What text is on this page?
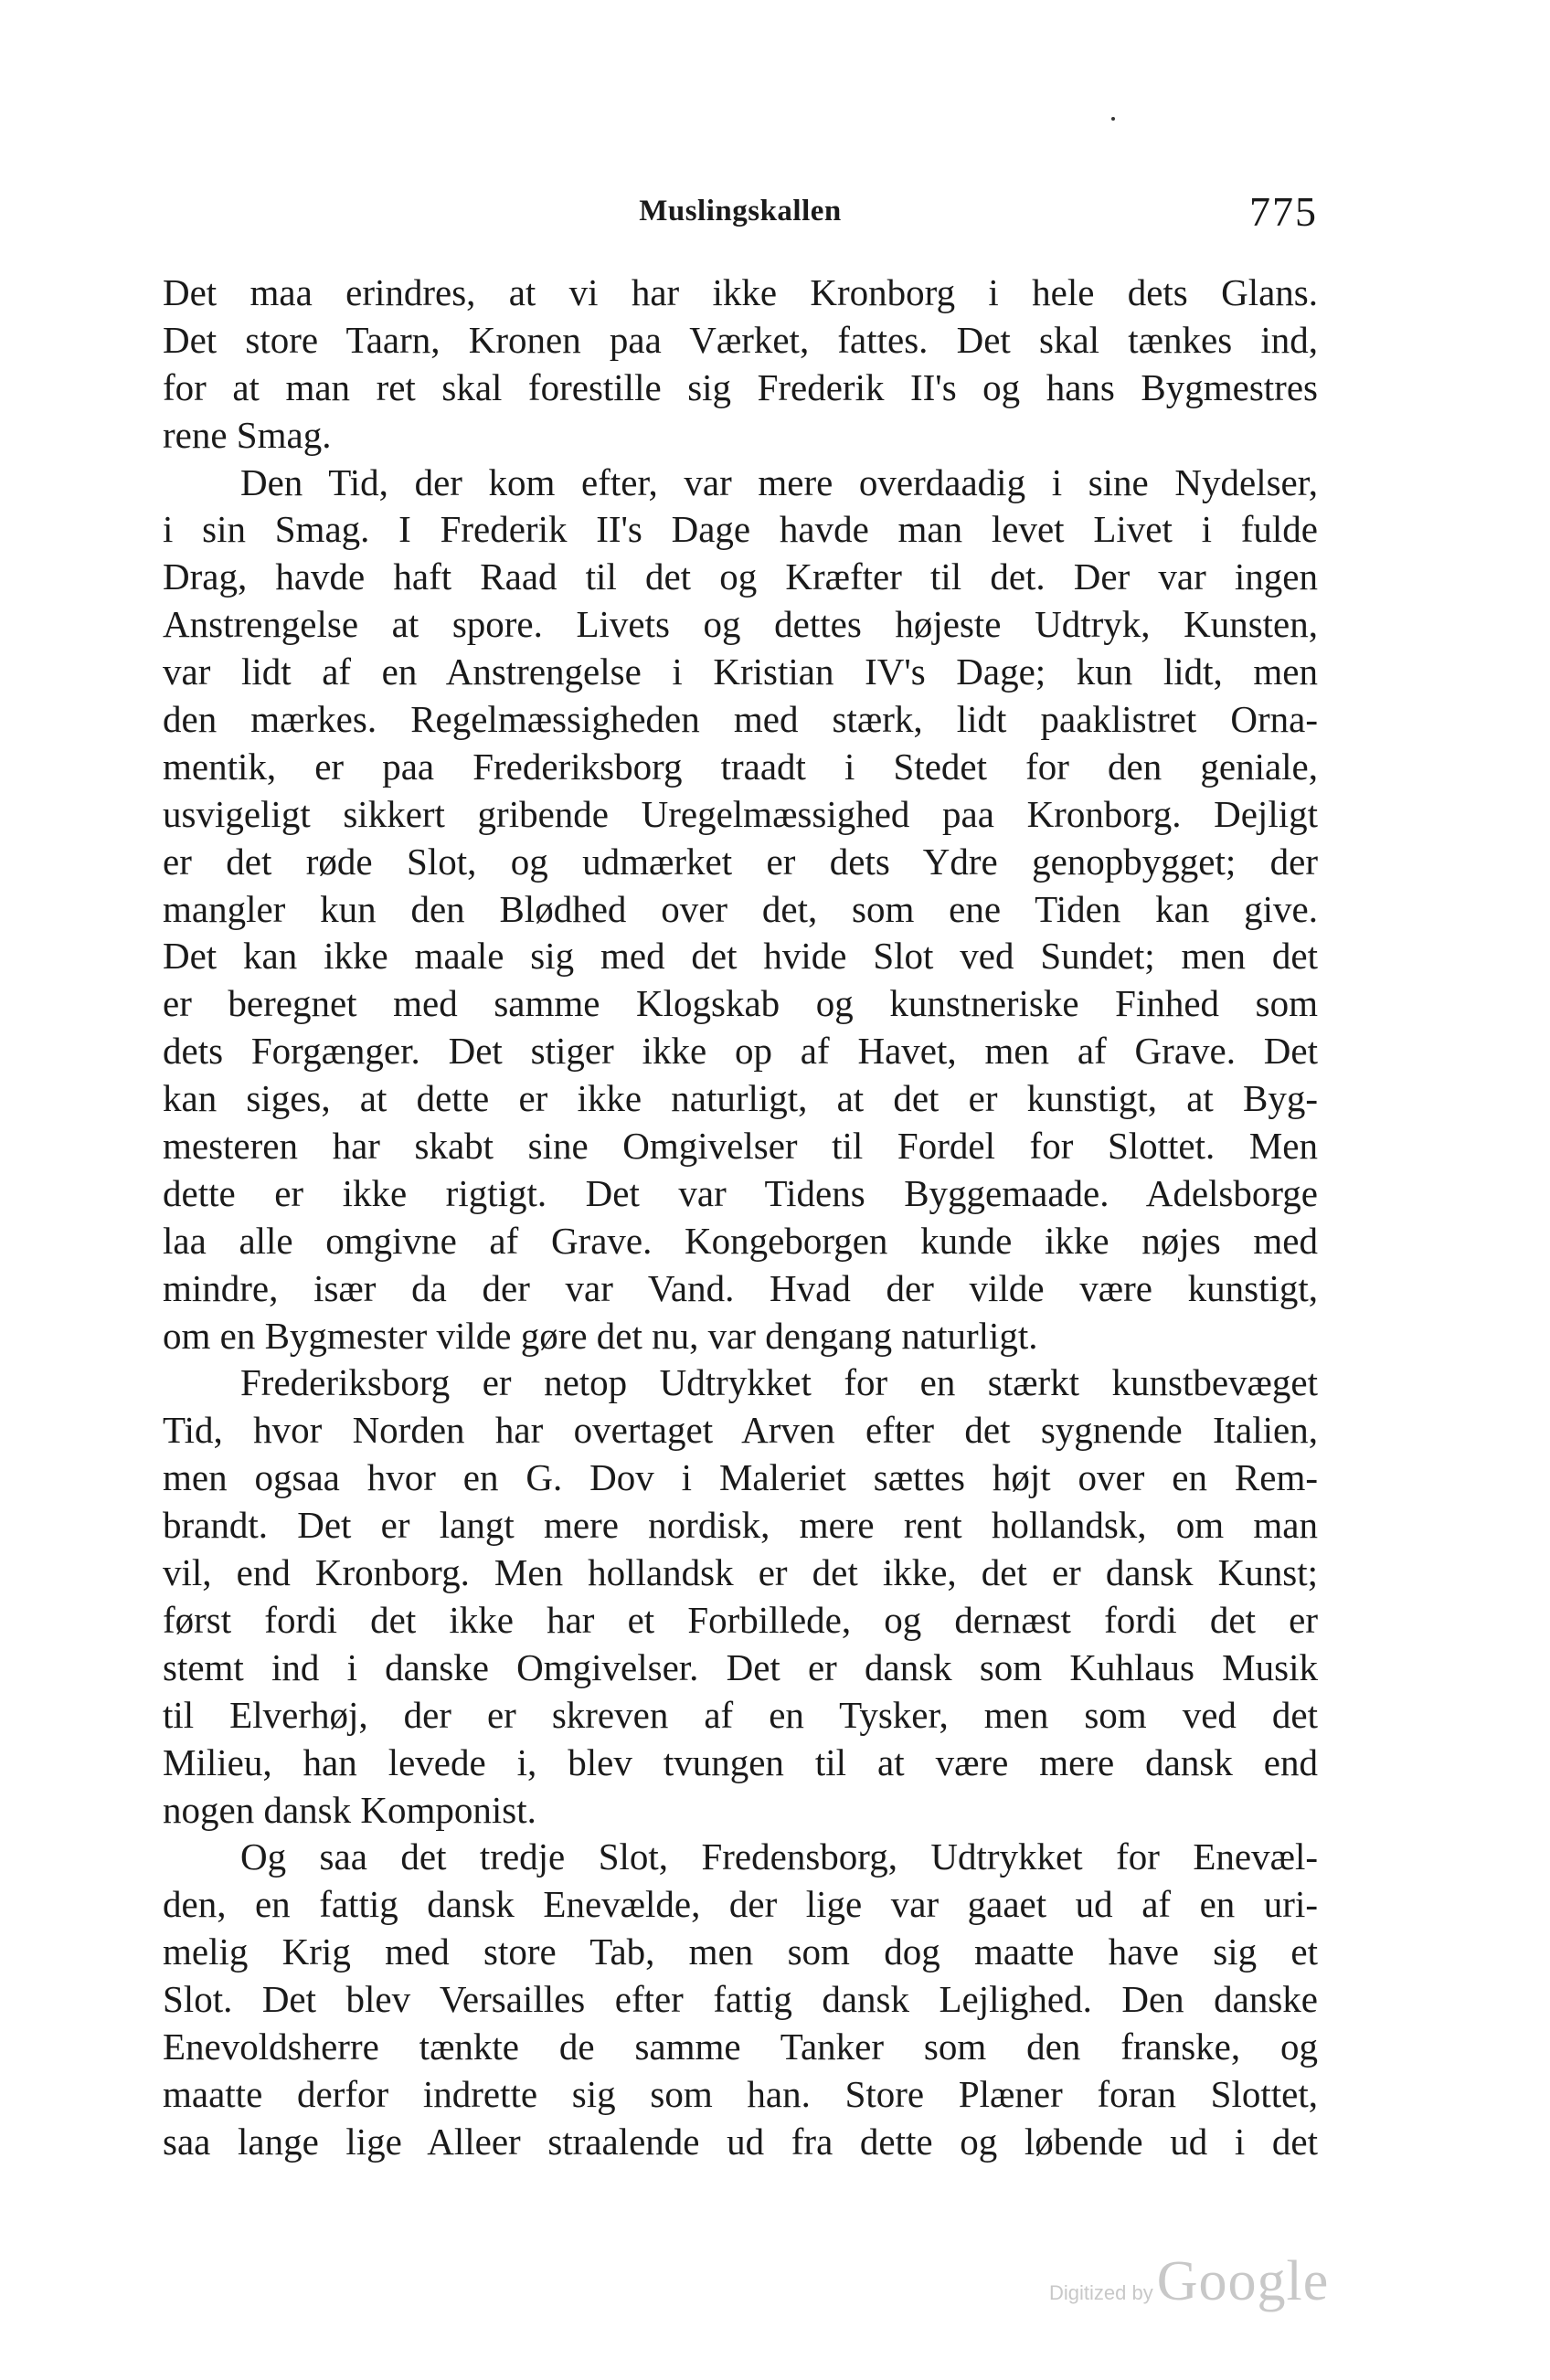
Muslingskallen	775
Det maa erindres, at vi har ikke Kronborg i hele dets Glans.
Det store Taarn, Kronen paa Værket, fattes. Det skal tænkes ind,
for at man ret skal forestille sig Frederik II's og hans Bygmestres
rene Smag.
Den Tid, der kom efter, var mere overdaadig i sine Nydelser,
i sin Smag. I Frederik II's Dage havde man levet Livet i fulde
Drag, havde haft Raad til det og Kræfter til det. Der var ingen
Anstrengelse at spore. Livets og dettes højeste Udtryk, Kunsten,
var lidt af en Anstrengelse i Kristian IV's Dage; kun lidt, men
den mærkes. Regelmæssigheden med stærk, lidt paaklistret Orna-
mentik, er paa Frederiksborg traadt i Stedet for den geniale,
usvigeligt sikkert gribende Uregelmæssighed paa Kronborg. Dejligt
er det røde Slot, og udmærket er dets Ydre genopbygget; der
mangler kun den Blødhed over det, som ene Tiden kan give.
Det kan ikke maale sig med det hvide Slot ved Sundet; men det
er beregnet med samme Klogskab og kunstneriske Finhed som
dets Forgænger. Det stiger ikke op af Havet, men af Grave. Det
kan siges, at dette er ikke naturligt, at det er kunstigt, at Byg-
mesteren har skabt sine Omgivelser til Fordel for Slottet. Men
dette er ikke rigtigt. Det var Tidens Byggemaade. Adelsborge
laa alle omgivne af Grave. Kongeborgen kunde ikke nøjes med
mindre, især da der var Vand. Hvad der vilde være kunstigt,
om en Bygmester vilde gøre det nu, var dengang naturligt.
Frederiksborg er netop Udtrykket for en stærkt kunstbevæget
Tid, hvor Norden har overtaget Arven efter det sygnende Italien,
men ogsaa hvor en G. Dov i Maleriet sættes højt over en Rem-
brandt. Det er langt mere nordisk, mere rent hollandsk, om man
vil, end Kronborg. Men hollandsk er det ikke, det er dansk Kunst;
først fordi det ikke har et Forbillede, og dernæst fordi det er
stemt ind i danske Omgivelser. Det er dansk som Kuhlaus Musik
til Elverhøj, der er skreven af en Tysker, men som ved det
Milieu, han levede i, blev tvungen til at være mere dansk end
nogen dansk Komponist.
Og saa det tredje Slot, Fredensborg, Udtrykket for Enevæl-
den, en fattig dansk Enevælde, der lige var gaaet ud af en uri-
melig Krig med store Tab, men som dog maatte have sig et
Slot. Det blev Versailles efter fattig dansk Lejlighed. Den danske
Enevoldsherre tænkte de samme Tanker som den franske, og
maatte derfor indrette sig som han. Store Plæner foran Slottet,
saa lange lige Alleer straalende ud fra dette og løbende ud i det
Digitized by Google
